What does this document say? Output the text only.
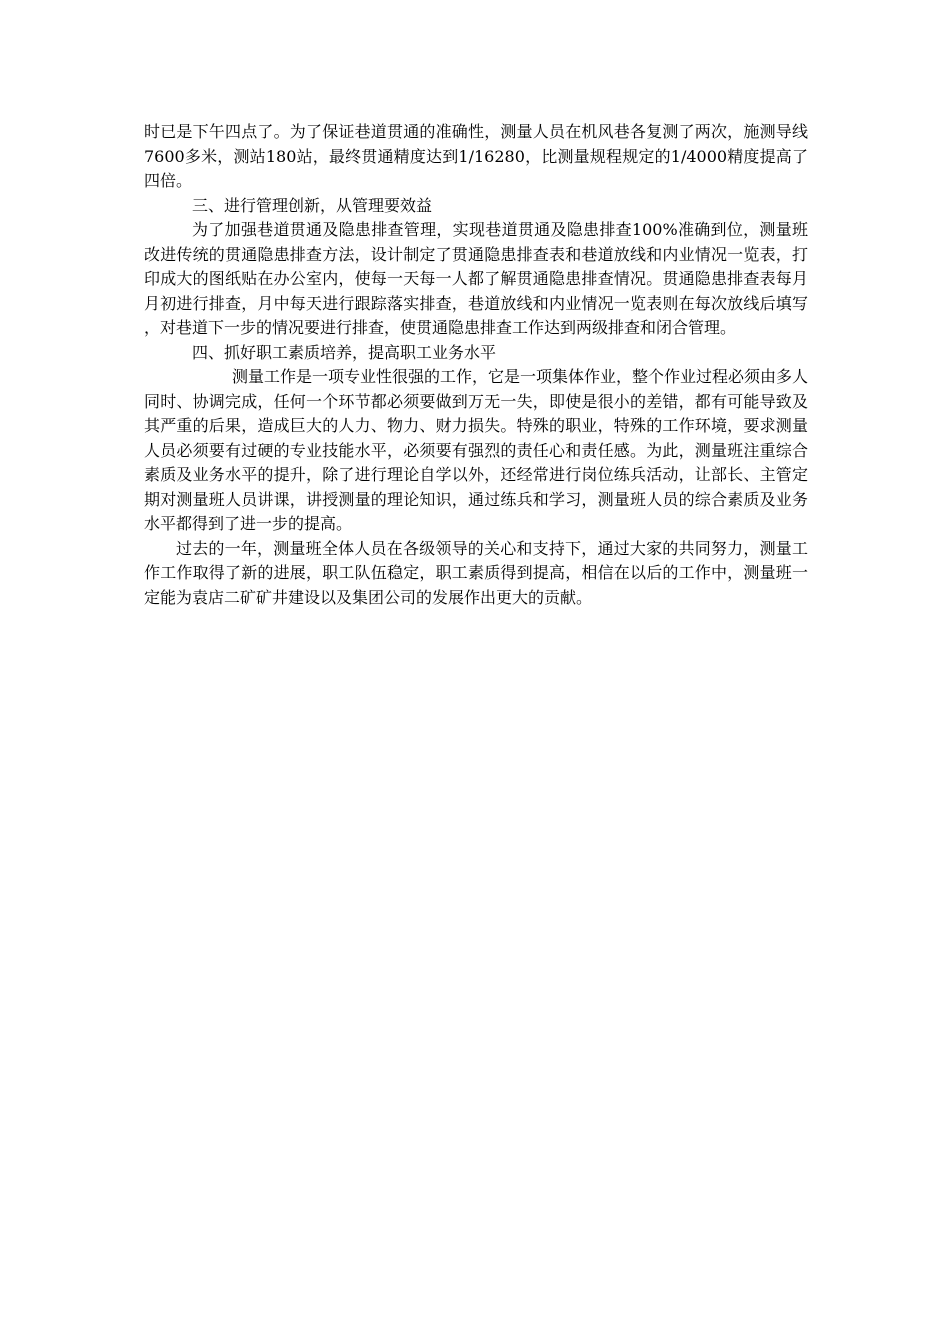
时已是下午四点了。为了保证巷道贯通的准确性，测量人员在机风巷各复测了两次，施测导线7600多米，测站180站，最终贯通精度达到1/16280，比测量规程规定的1/4000精度提高了四倍。

三、进行管理创新，从管理要效益

为了加强巷道贯通及隐患排查管理，实现巷道贯通及隐患排查100%准确到位，测量班改进传统的贯通隐患排查方法，设计制定了贯通隐患排查表和巷道放线和内业情况一览表，打印成大的图纸贴在办公室内，使每一天每一人都了解贯通隐患排查情况。贯通隐患排查表每月月初进行排查，月中每天进行跟踪落实排查，巷道放线和内业情况一览表则在每次放线后填写，对巷道下一步的情况要进行排查，使贯通隐患排查工作达到两级排查和闭合管理。

四、抓好职工素质培养，提高职工业务水平

测量工作是一项专业性很强的工作，它是一项集体作业，整个作业过程必须由多人同时、协调完成，任何一个环节都必须要做到万无一失，即使是很小的差错，都有可能导致及其严重的后果，造成巨大的人力、物力、财力损失。特殊的职业，特殊的工作环境，要求测量人员必须要有过硬的专业技能水平，必须要有强烈的责任心和责任感。为此，测量班注重综合素质及业务水平的提升，除了进行理论自学以外，还经常进行岗位练兵活动，让部长、主管定期对测量班人员讲课，讲授测量的理论知识，通过练兵和学习，测量班人员的综合素质及业务水平都得到了进一步的提高。

过去的一年，测量班全体人员在各级领导的关心和支持下，通过大家的共同努力，测量工作工作取得了新的进展，职工队伍稳定，职工素质得到提高，相信在以后的工作中，测量班一定能为袁店二矿矿井建设以及集团公司的发展作出更大的贡献。
